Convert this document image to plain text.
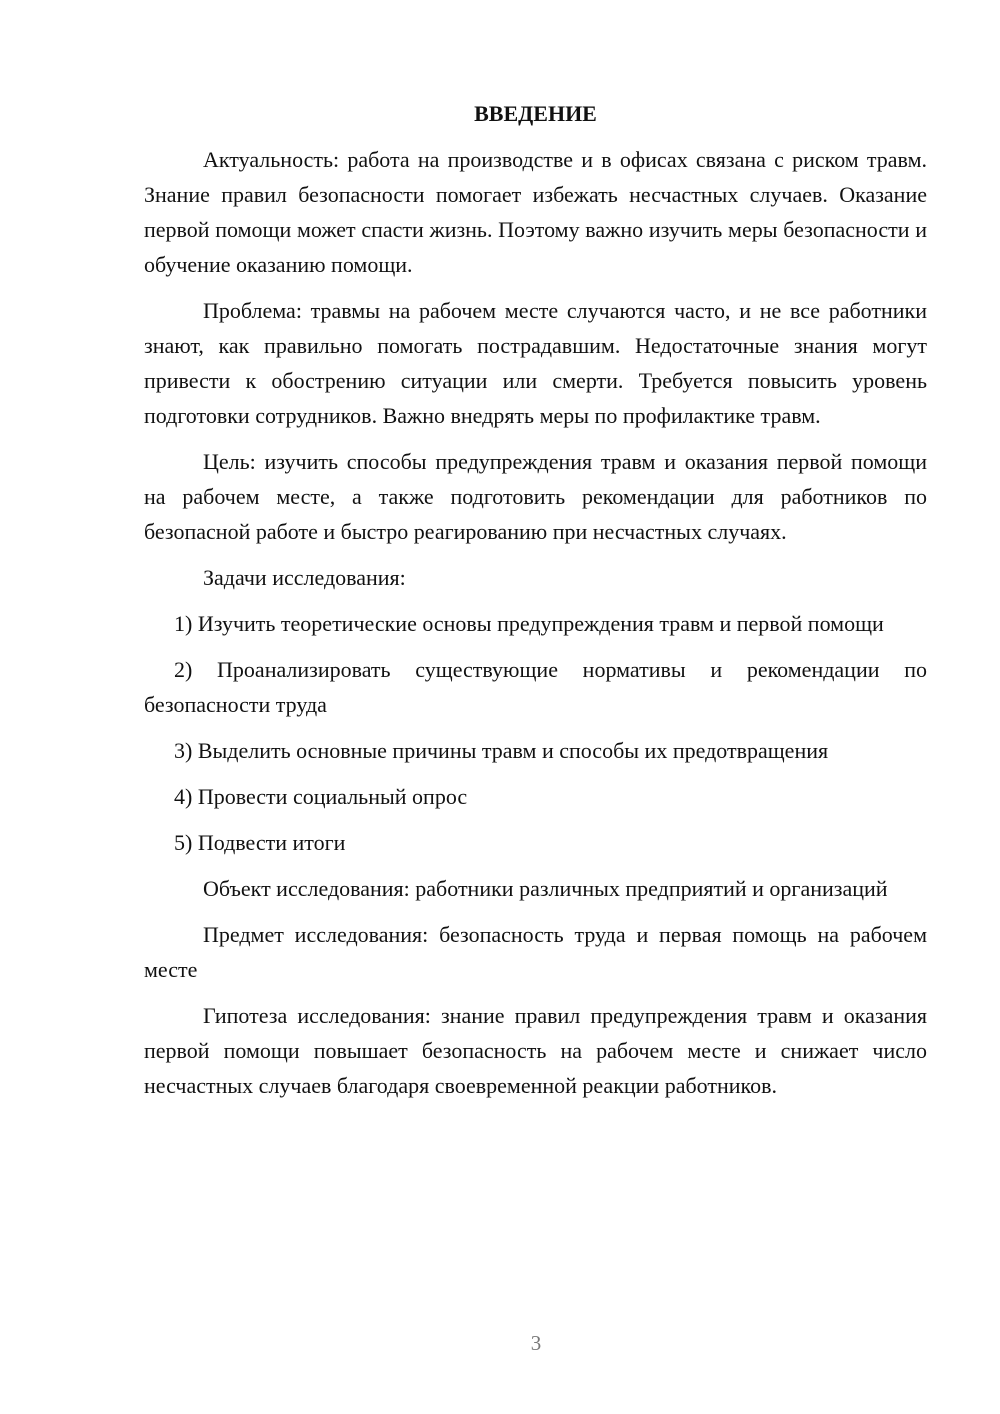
ВВЕДЕНИЕ

Актуальность: работа на производстве и в офисах связана с риском травм. Знание правил безопасности помогает избежать несчастных случаев. Оказание первой помощи может спасти жизнь. Поэтому важно изучить меры безопасности и обучение оказанию помощи.

Проблема: травмы на рабочем месте случаются часто, и не все работники знают, как правильно помогать пострадавшим. Недостаточные знания могут привести к обострению ситуации или смерти. Требуется повысить уровень подготовки сотрудников. Важно внедрять меры по профилактике травм.

Цель: изучить способы предупреждения травм и оказания первой помощи на рабочем месте, а также подготовить рекомендации для работников по безопасной работе и быстро реагированию при несчастных случаях.

Задачи исследования:

1) Изучить теоретические основы предупреждения травм и первой помощи

2) Проанализировать существующие нормативы и рекомендации по безопасности труда

3) Выделить основные причины травм и способы их предотвращения

4) Провести социальный опрос

5) Подвести итоги

Объект исследования: работники различных предприятий и организаций

Предмет исследования: безопасность труда и первая помощь на рабочем месте

Гипотеза исследования: знание правил предупреждения травм и оказания первой помощи повышает безопасность на рабочем месте и снижает число несчастных случаев благодаря своевременной реакции работников.

3
